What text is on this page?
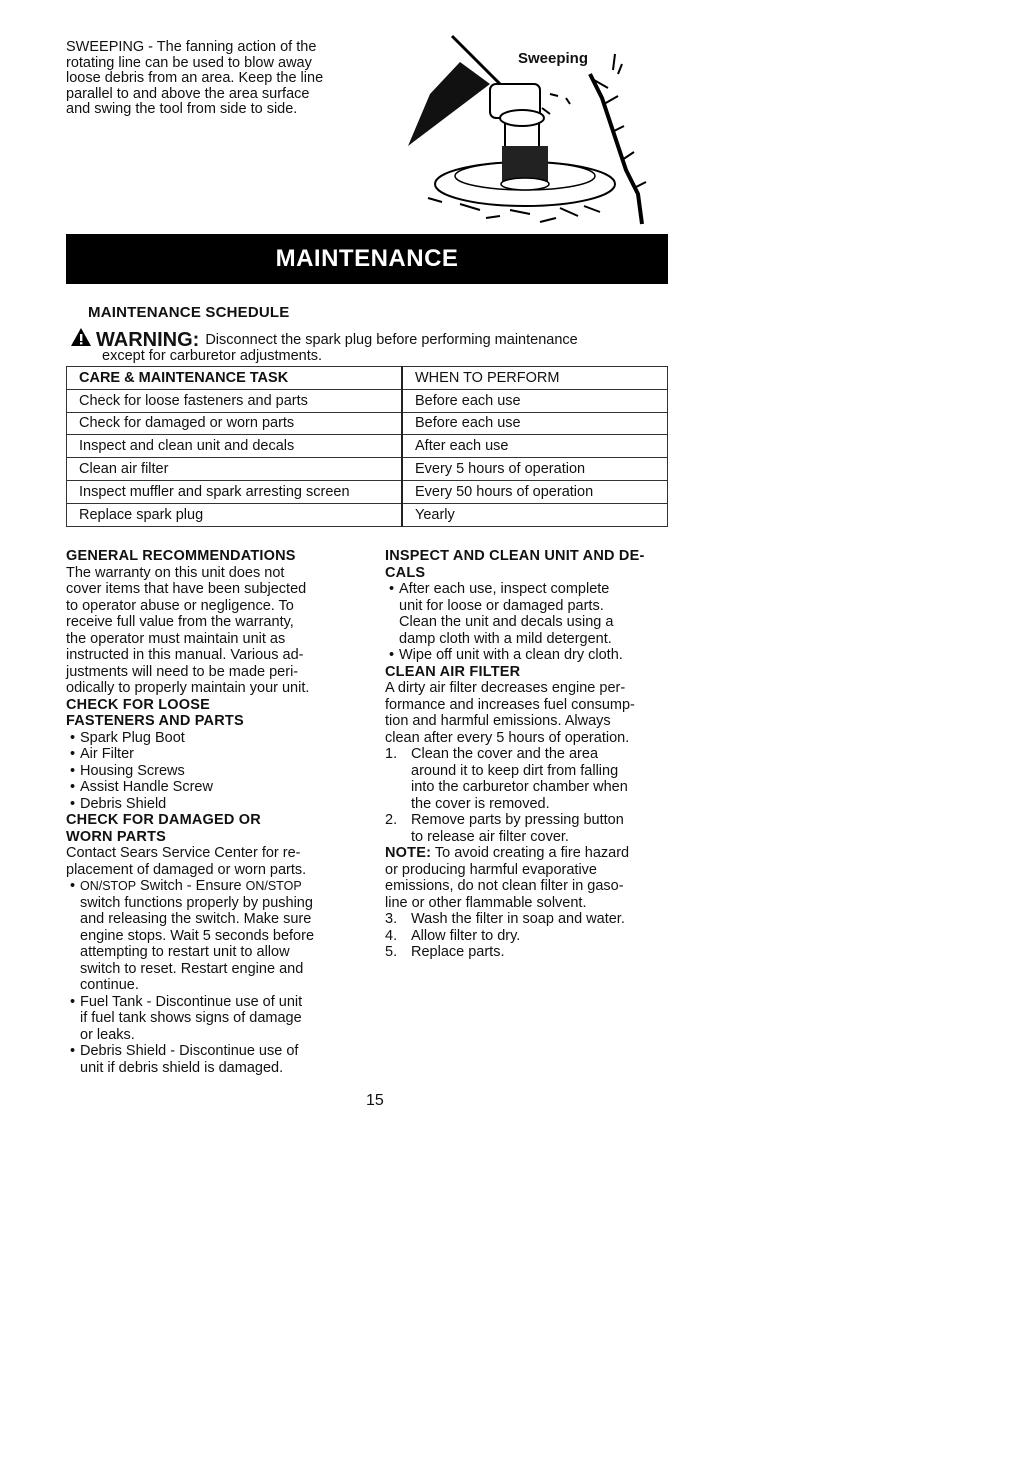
SWEEPING - The fanning action of the
rotating line can be used to blow away
loose debris from an area. Keep the line
parallel to and above the area surface
and swing the tool from side to side.
Sweeping
MAINTENANCE
MAINTENANCE SCHEDULE
WARNING: Disconnect the spark plug before performing maintenance
except for carburetor adjustments.
CARE & MAINTENANCE TASK	WHEN TO PERFORM
Check for loose fasteners and parts	Before each use
Check for damaged or worn parts	Before each use
Inspect and clean unit and decals	After each use
Clean air filter	Every 5 hours of operation
Inspect muffler and spark arresting screen	Every 50 hours of operation
Replace spark plug	Yearly
GENERAL RECOMMENDATIONS
The warranty on this unit does not
cover items that have been subjected
to operator abuse or negligence. To
receive full value from the warranty,
the operator must maintain unit as
instructed in this manual. Various ad-
justments will need to be made peri-
odically to properly maintain your unit.
CHECK FOR LOOSE
FASTENERS AND PARTS
• Spark Plug Boot
• Air Filter
• Housing Screws
• Assist Handle Screw
• Debris Shield
CHECK FOR DAMAGED OR
WORN PARTS
Contact Sears Service Center for re-
placement of damaged or worn parts.
• ON/STOP Switch - Ensure ON/STOP
switch functions properly by pushing
and releasing the switch. Make sure
engine stops. Wait 5 seconds before
attempting to restart unit to allow
switch to reset. Restart engine and
continue.
• Fuel Tank - Discontinue use of unit
if fuel tank shows signs of damage
or leaks.
• Debris Shield - Discontinue use of
unit if debris shield is damaged.
INSPECT AND CLEAN UNIT AND DE-
CALS
• After each use, inspect complete
unit for loose or damaged parts.
Clean the unit and decals using a
damp cloth with a mild detergent.
• Wipe off unit with a clean dry cloth.
CLEAN AIR FILTER
A dirty air filter decreases engine per-
formance and increases fuel consump-
tion and harmful emissions. Always
clean after every 5 hours of operation.
1. Clean the cover and the area
around it to keep dirt from falling
into the carburetor chamber when
the cover is removed.
2. Remove parts by pressing button
to release air filter cover.
NOTE: To avoid creating a fire hazard
or producing harmful evaporative
emissions, do not clean filter in gaso-
line or other flammable solvent.
3. Wash the filter in soap and water.
4. Allow filter to dry.
5. Replace parts.
15
